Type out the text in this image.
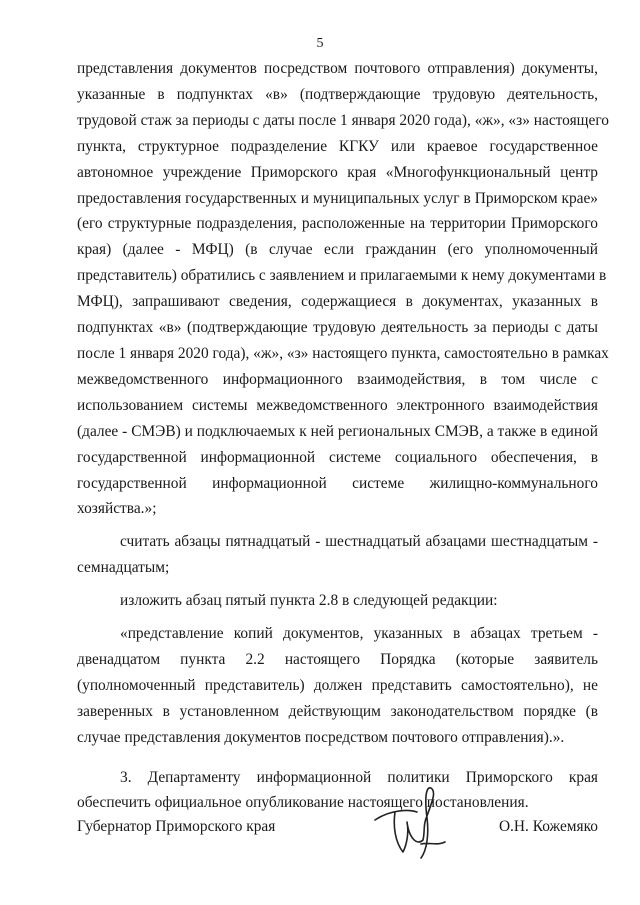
5

представления документов посредством почтового отправления) документы,
указанные в подпунктах «в» (подтверждающие трудовую деятельность,
трудовой стаж за периоды с даты после 1 января 2020 года), «ж», «з» настоящего
пункта, структурное подразделение КГКУ или краевое государственное
автономное учреждение Приморского края «Многофункциональный центр
предоставления государственных и муниципальных услуг в Приморском крае»
(его структурные подразделения, расположенные на территории Приморского
края) (далее - МФЦ) (в случае если гражданин (его уполномоченный
представитель) обратились с заявлением и прилагаемыми к нему документами в
МФЦ), запрашивают сведения, содержащиеся в документах, указанных в
подпунктах «в» (подтверждающие трудовую деятельность за периоды с даты
после 1 января 2020 года), «ж», «з» настоящего пункта, самостоятельно в рамках
межведомственного информационного взаимодействия, в том числе с
использованием системы межведомственного электронного взаимодействия
(далее - СМЭВ) и подключаемых к ней региональных СМЭВ, а также в единой
государственной информационной системе социального обеспечения, в
государственной информационной системе жилищно-коммунального
хозяйства.»;

считать абзацы пятнадцатый - шестнадцатый абзацами шестнадцатым -
семнадцатым;

изложить абзац пятый пункта 2.8 в следующей редакции:

«представление копий документов, указанных в абзацах третьем -
двенадцатом пункта 2.2 настоящего Порядка (которые заявитель
(уполномоченный представитель) должен представить самостоятельно), не
заверенных в установленном действующим законодательством порядке (в
случае представления документов посредством почтового отправления).».

3. Департаменту информационной политики Приморского края
обеспечить официальное опубликование настоящего постановления.

Губернатор Приморского края	О.Н. Кожемяко
